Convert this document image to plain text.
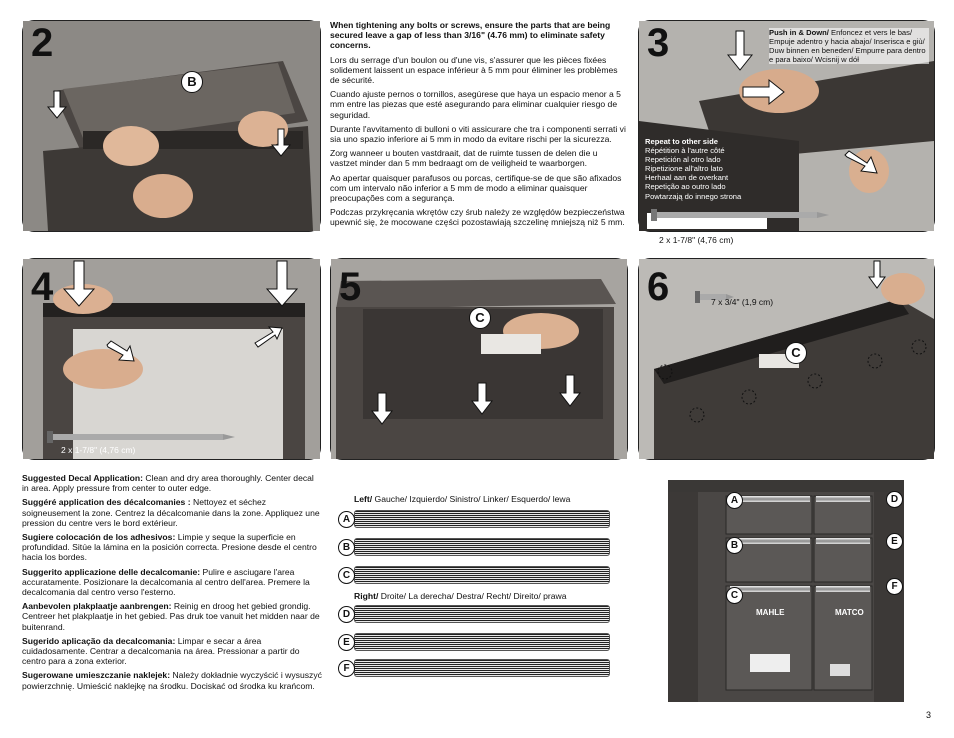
2
B

When tightening any bolts or screws, ensure the parts that are being secured leave a gap of less than 3/16" (4.76 mm) to eliminate safety concerns.

Lors du serrage d'un boulon ou d'une vis, s'assurer que les pièces fixées solidement laissent un espace inférieur à 5 mm pour éliminer les problèmes de sécurité.

Cuando ajuste pernos o tornillos, asegúrese que haya un espacio menor a 5 mm entre las piezas que esté asegurando para eliminar cualquier riesgo de seguridad.

Durante l'avvitamento di bulloni o viti assicurare che tra i componenti serrati vi sia uno spazio inferiore ai 5 mm in modo da evitare rischi per la sicurezza.

Zorg wanneer u bouten vastdraait, dat de ruimte tussen de delen die u vastzet minder dan 5 mm bedraagt om de veiligheid te waarborgen.

Ao apertar quaisquer parafusos ou porcas, certifique-se de que são afixados com um intervalo não inferior a 5 mm de modo a eliminar quaisquer preocupações com a segurança.

Podczas przykręcania wkrętów czy śrub należy ze względów bezpieczeństwa upewnić się, że mocowane części pozostawiają szczelinę mniejszą niż 5 mm.

3	Push in & Down/ Enfoncez et vers le bas/ Empuje adentro y hacia abajo/ Inserisca e giù/ Duw binnen en beneden/ Empurre para dentro e para baixo/ Wcisnij w dół
Repeat to other side
Répétition à l'autre côté
Repetición al otro lado
Ripetizione all'altro lato
Herhaal aan de overkant
Repetição ao outro lado
Powtarzają do innego strona
2 x 1-7/8" (4,76 cm)
4
2 x 1-7/8" (4,76 cm)
5
C
6	7 x 3/4" (1,9 cm)
C

Suggested Decal Application: Clean and dry area thoroughly. Center decal in area. Apply pressure from center to outer edge.

Suggéré application des décalcomanies : Nettoyez et séchez soigneusement la zone. Centrez la décalcomanie dans la zone. Appliquez une pression du centre vers le bord extérieur.

Sugiere colocación de los adhesivos: Limpie y seque la superficie en profundidad. Sitúe la lámina en la posición correcta. Presione desde el centro hacia los bordes.

Suggerito applicazione delle decalcomanie: Pulire e asciugare l'area accuratamente. Posizionare la decalcomania al centro dell'area. Premere la decalcomania dal centro verso l'esterno.

Aanbevolen plakplaatje aanbrengen: Reinig en droog het gebied grondig. Centreer het plakplaatje in het gebied. Pas druk toe vanuit het midden naar de buitenrand.

Sugerido aplicação da decalcomania: Limpar e secar a área cuidadosamente. Centrar a decalcomania na área. Pressionar a partir do centro para a zona exterior.

Sugerowane umieszczanie naklejek: Należy dokładnie wyczyścić i wysuszyć powierzchnię. Umieścić naklejkę na środku. Dociskać od środka ku krańcom.

Left/ Gauche/ Izquierdo/ Sinistro/ Linker/ Esquerdo/ lewa
A
B
C
Right/ Droite/ La derecha/ Destra/ Recht/ Direito/ prawa
D
E
F
MAHLE	MATCO
A
B
C
D
E
F
3
